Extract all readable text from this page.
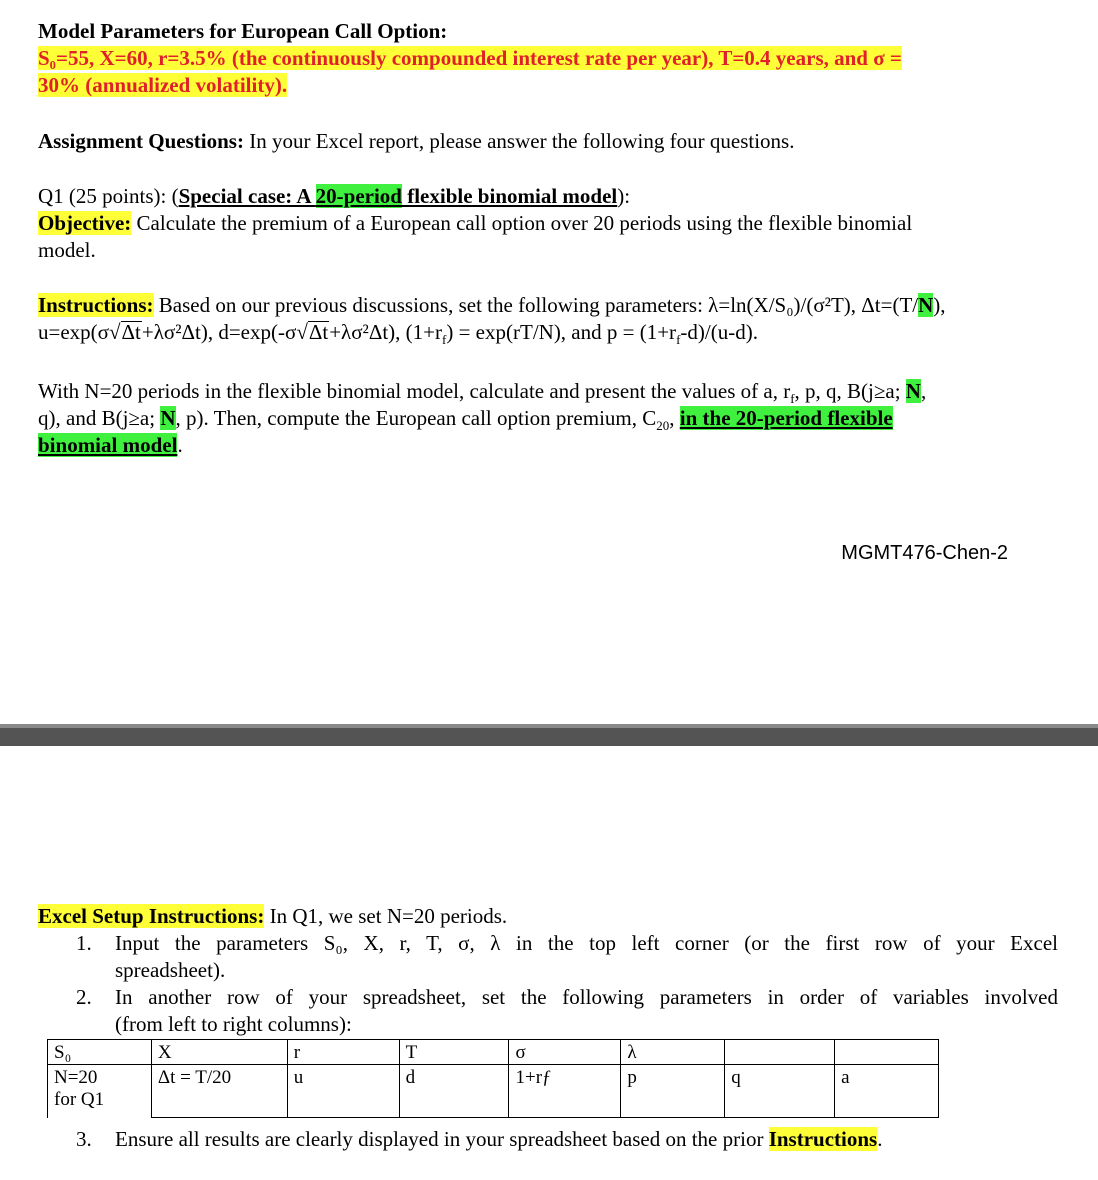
Model Parameters for European Call Option:
S₀=55, X=60, r=3.5% (the continuously compounded interest rate per year), T=0.4 years, and σ =
30% (annualized volatility).
Assignment Questions: In your Excel report, please answer the following four questions.
Q1 (25 points): (Special case: A 20-period flexible binomial model):
Objective: Calculate the premium of a European call option over 20 periods using the flexible binomial
model.
Instructions: Based on our previous discussions, set the following parameters: λ=ln(X/S₀)/(σ²T), Δt=(T/N),
u=exp(σ√Δt+λσ²Δt), d=exp(-σ√Δt+λσ²Δt), $(1+r_f) = \exp(rT/N)$, and $p = (1+r_f-d)/(u-d)$.
With N=20 periods in the flexible binomial model, calculate and present the values of a, $r_f$, p, q, B(j≥a; N,
q), and B(j≥a; N, p). Then, compute the European call option premium, $C_{20}$, in the 20-period flexible
binomial model.
MGMT476-Chen-2
Excel Setup Instructions: In Q1, we set N=20 periods.
1. Input the parameters S₀, X, r, T, σ, λ in the top left corner (or the first row of your Excel
spreadsheet).
2. In another row of your spreadsheet, set the following parameters in order of variables involved
(from left to right columns):
3. Ensure all results are clearly displayed in your spreadsheet based on the prior Instructions.
S₀	X	r	T	σ	λ		
N=20
for Q1	Δt = T/20	u	d	1+rƒ	p	q	a
